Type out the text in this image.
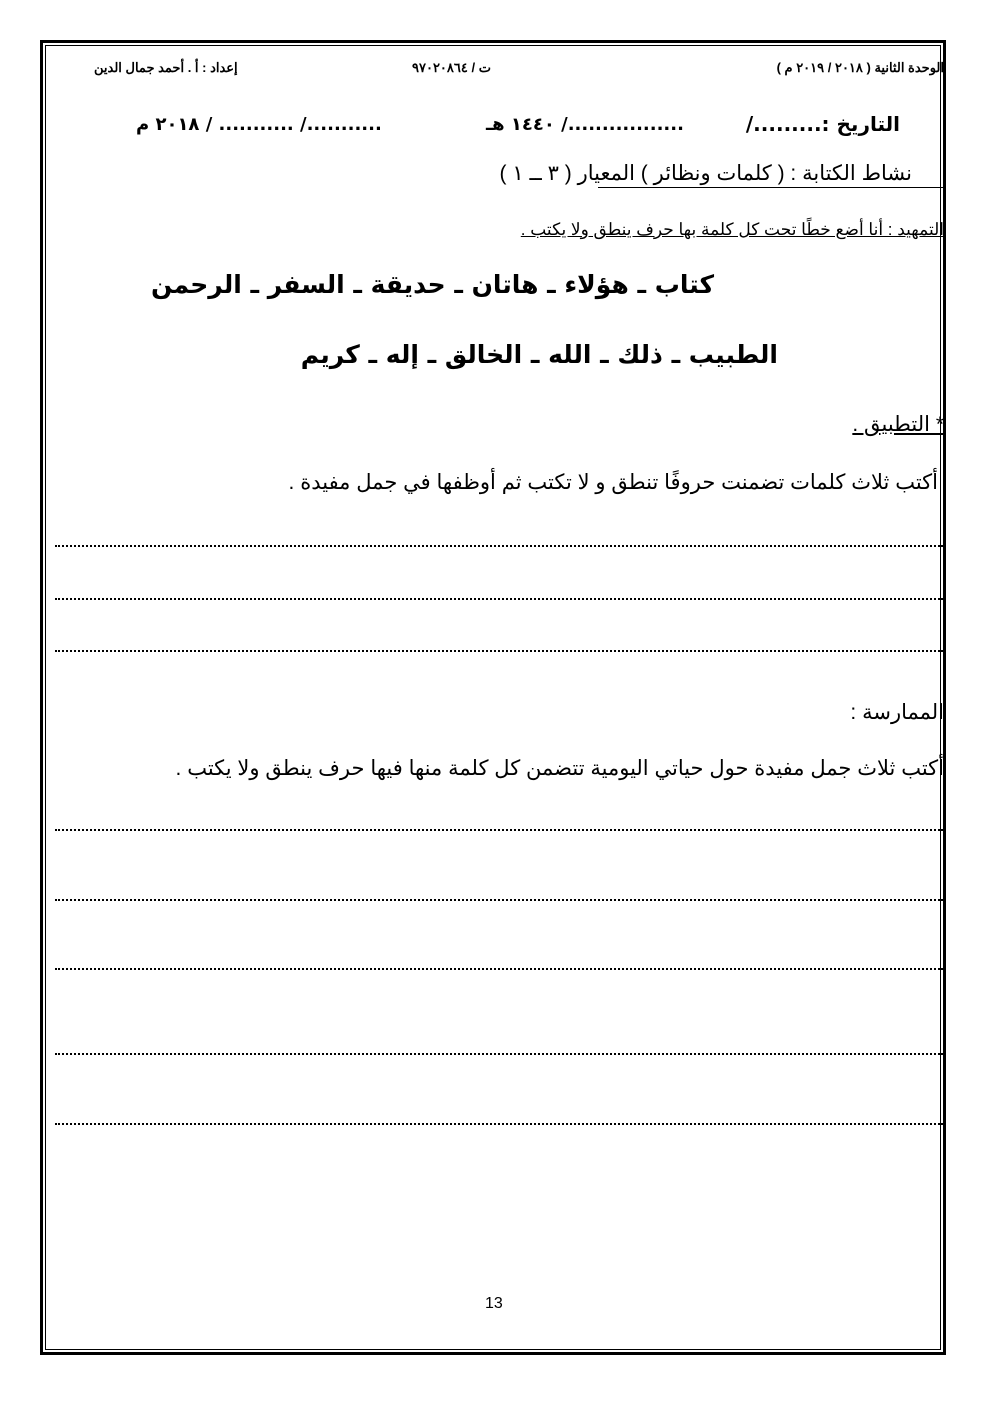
الوحدة الثانية ( ٢٠١٨ / ٢٠١٩ م )
ت / ٩٧٠٢٠٨٦٤
إعداد : أ . أحمد جمال الدين
التاريخ :........./
................./ ١٤٤٠ هـ
.........../ ........... / ٢٠١٨ م
نشاط الكتابة : ( كلمات ونظائر ) المعيار ( ٣ ــ ١ )
التمهيد : أنا أضع خطًا تحت كل كلمة بها حرف ينطق ولا يكتب .
كتاب ـ هؤلاء ـ هاتان ـ حديقة ـ السفر ـ الرحمن
الطبيب ـ ذلك ـ الله ـ الخالق ـ إله ـ كريم
* التطبيق .
أكتب ثلاث كلمات تضمنت حروفًا تنطق و لا تكتب ثم أوظفها في جمل مفيدة .
الممارسة :
أكتب ثلاث جمل مفيدة حول حياتي اليومية تتضمن كل كلمة منها فيها حرف ينطق ولا يكتب .
13
